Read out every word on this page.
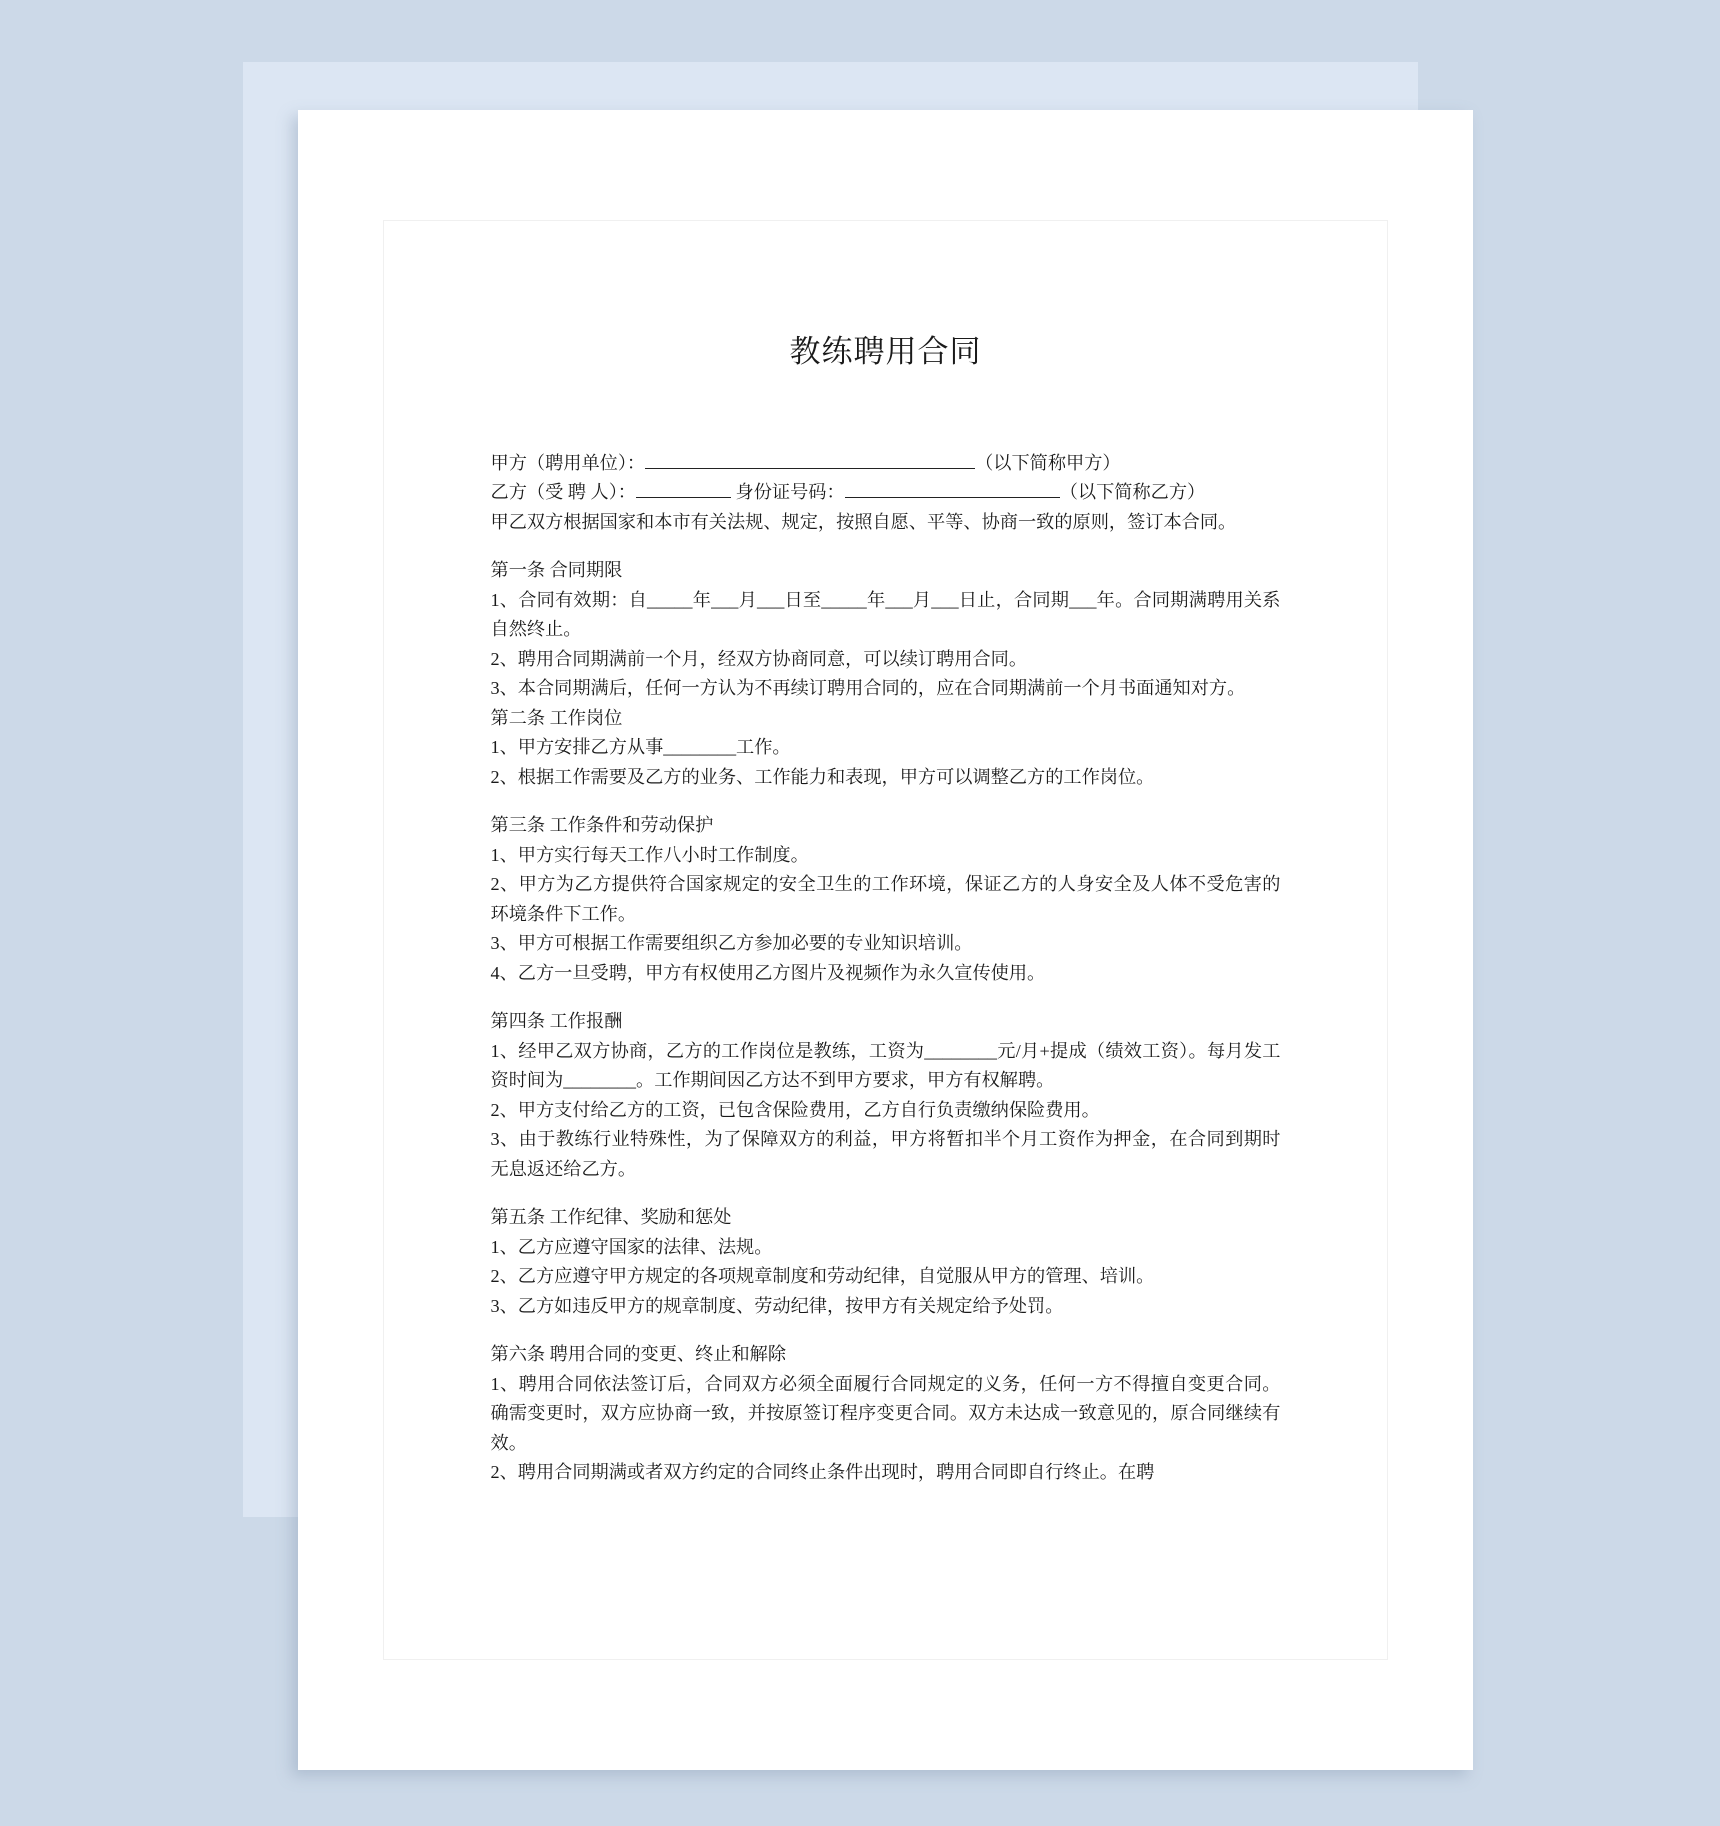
教练聘用合同

甲方（聘用单位）：	（以下简称甲方）

乙方（受 聘 人）：	身份证号码：	（以下简称乙方）

甲乙双方根据国家和本市有关法规、规定，按照自愿、平等、协商一致的原则，签订本合同。

第一条 合同期限

1、合同有效期：自_____年___月___日至_____年___月___日止，合同期___年。合同期满聘用关系自然终止。

2、聘用合同期满前一个月，经双方协商同意，可以续订聘用合同。

3、本合同期满后，任何一方认为不再续订聘用合同的，应在合同期满前一个月书面通知对方。

第二条 工作岗位

1、甲方安排乙方从事________工作。

2、根据工作需要及乙方的业务、工作能力和表现，甲方可以调整乙方的工作岗位。

第三条 工作条件和劳动保护

1、甲方实行每天工作八小时工作制度。

2、甲方为乙方提供符合国家规定的安全卫生的工作环境，保证乙方的人身安全及人体不受危害的环境条件下工作。

3、甲方可根据工作需要组织乙方参加必要的专业知识培训。

4、乙方一旦受聘，甲方有权使用乙方图片及视频作为永久宣传使用。

第四条 工作报酬

1、经甲乙双方协商，乙方的工作岗位是教练，工资为________元/月+提成（绩效工资）。每月发工资时间为________。工作期间因乙方达不到甲方要求，甲方有权解聘。

2、甲方支付给乙方的工资，已包含保险费用，乙方自行负责缴纳保险费用。

3、由于教练行业特殊性，为了保障双方的利益，甲方将暂扣半个月工资作为押金，在合同到期时无息返还给乙方。

第五条 工作纪律、奖励和惩处

1、乙方应遵守国家的法律、法规。

2、乙方应遵守甲方规定的各项规章制度和劳动纪律，自觉服从甲方的管理、培训。

3、乙方如违反甲方的规章制度、劳动纪律，按甲方有关规定给予处罚。

第六条 聘用合同的变更、终止和解除

1、聘用合同依法签订后，合同双方必须全面履行合同规定的义务，任何一方不得擅自变更合同。确需变更时，双方应协商一致，并按原签订程序变更合同。双方未达成一致意见的，原合同继续有效。

2、聘用合同期满或者双方约定的合同终止条件出现时，聘用合同即自行终止。在聘
